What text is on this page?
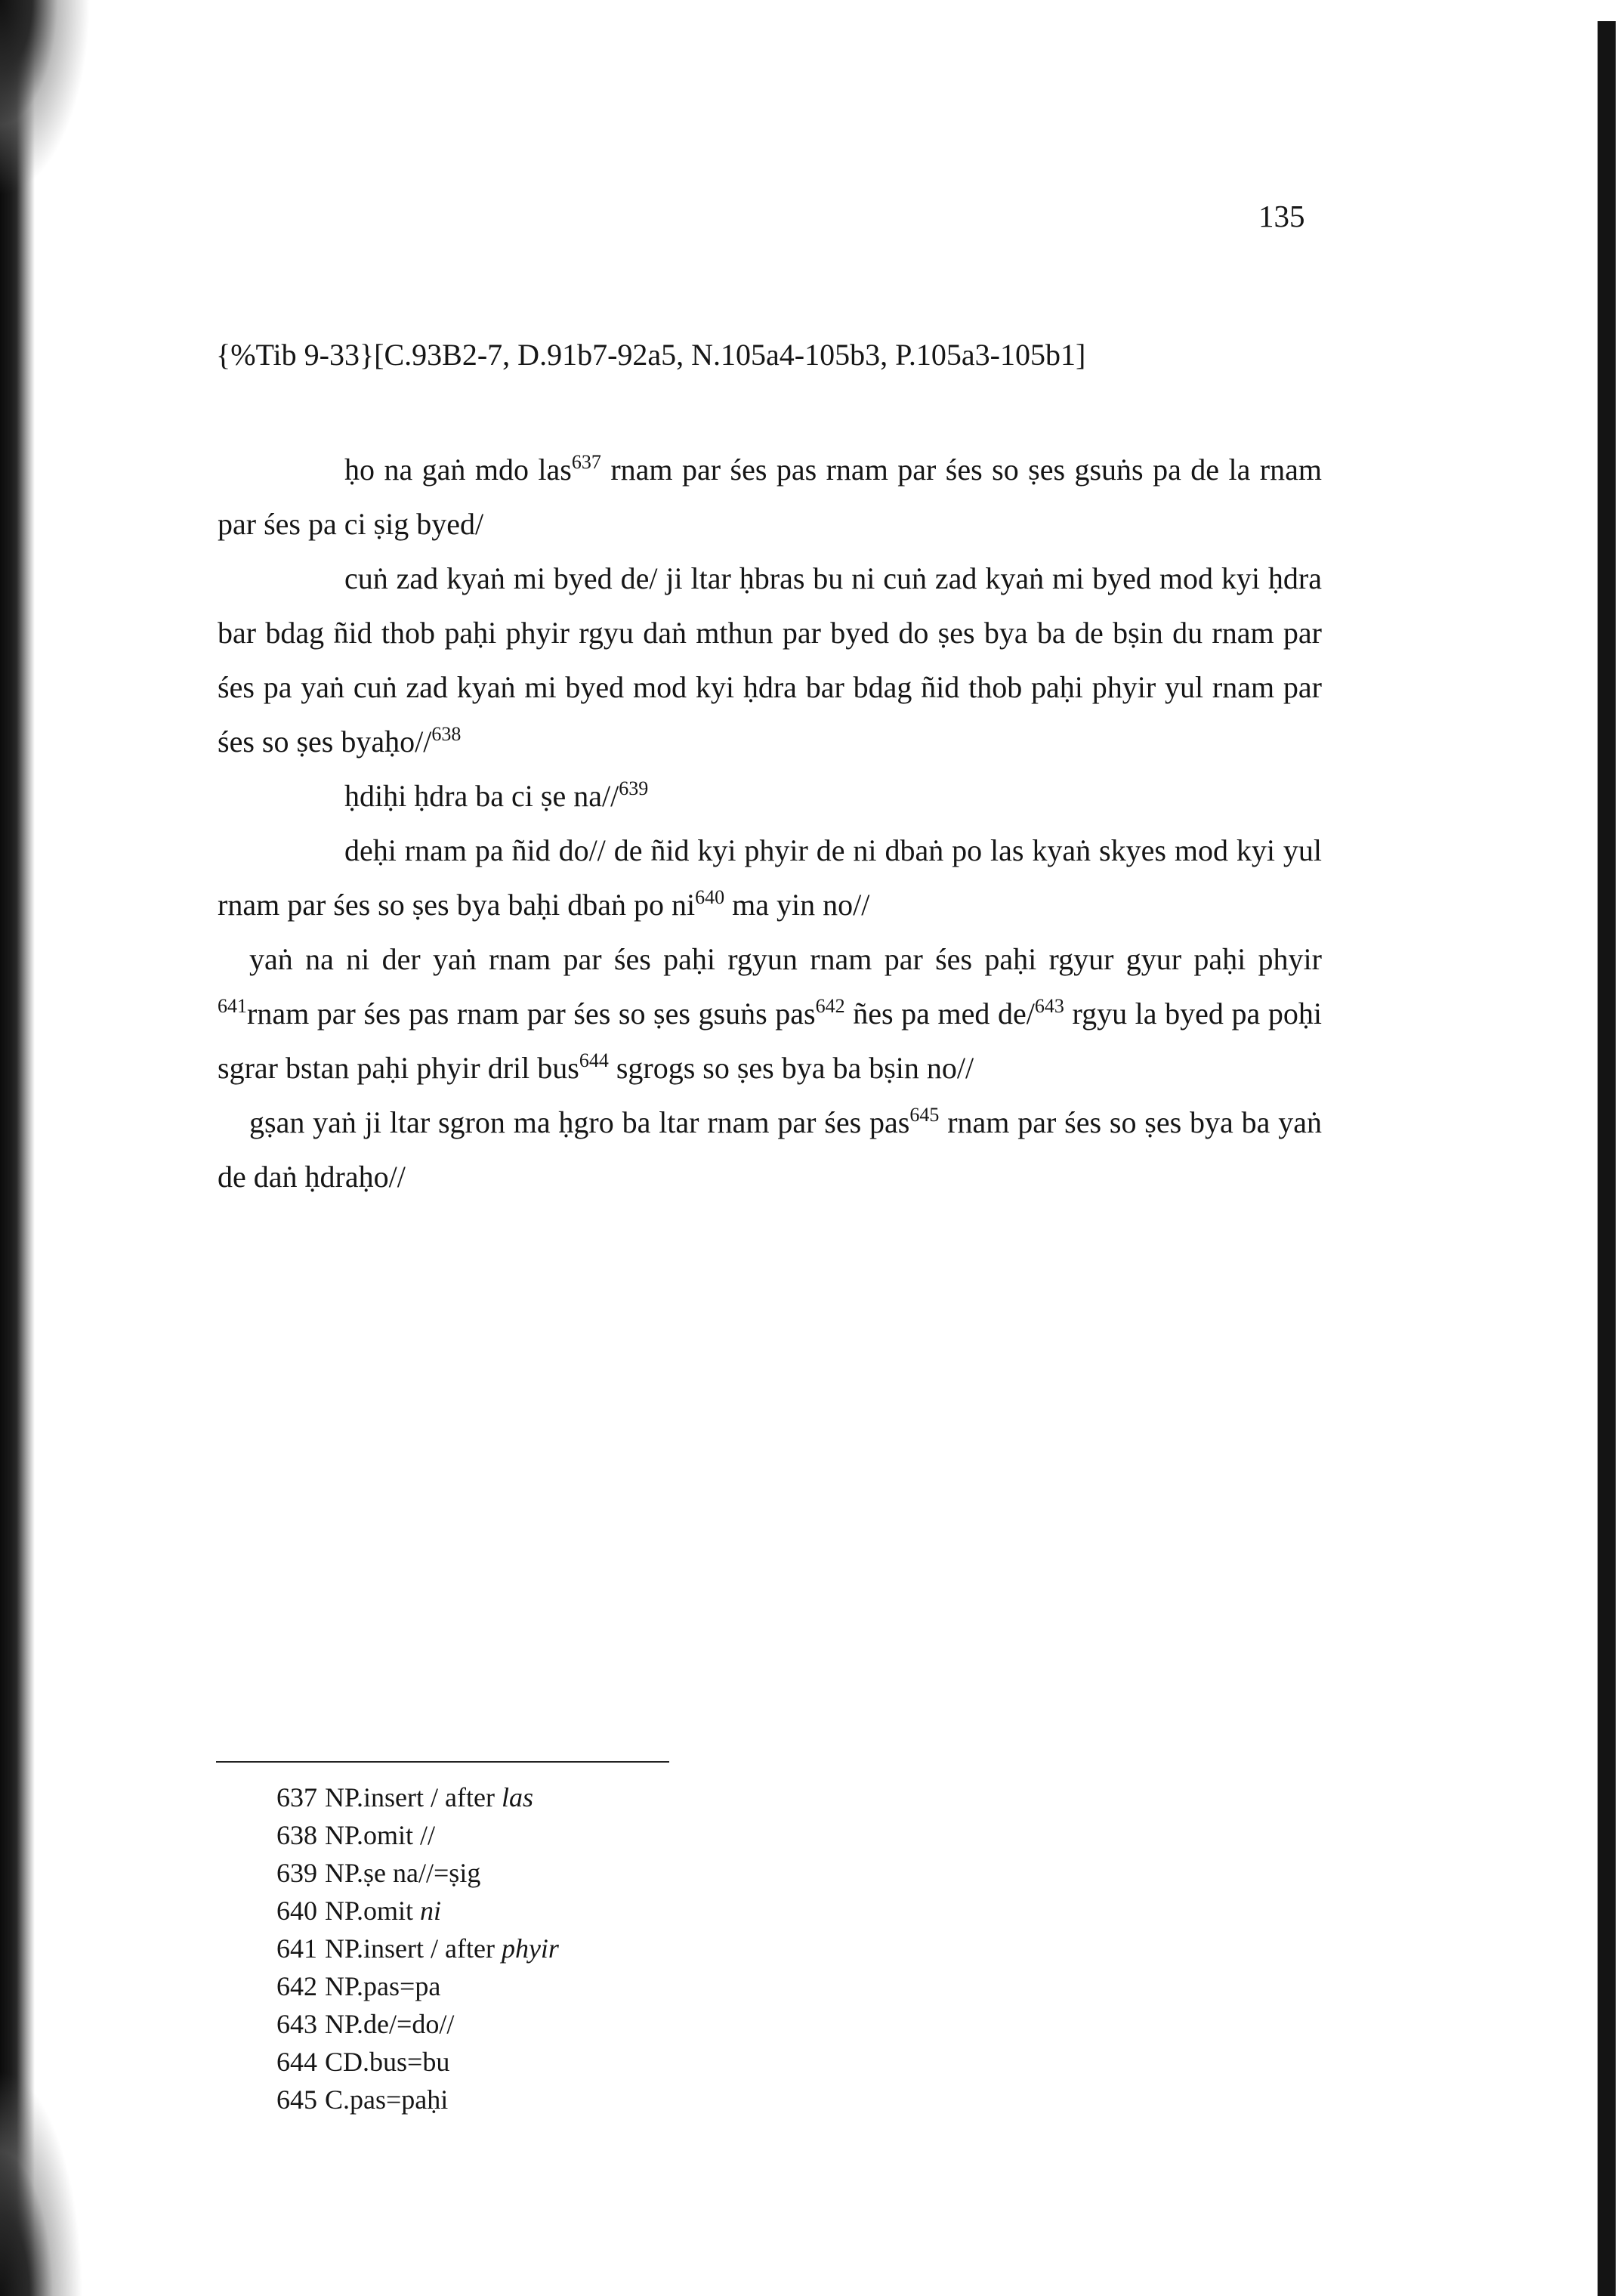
135
{%Tib 9-33}[C.93B2-7, D.91b7-92a5, N.105a4-105b3, P.105a3-105b1]

ḥo na gaṅ mdo las$^{637}$ rnam par śes pas rnam par śes so ṣes gsuṅs pa de la rnam par śes pa ci ṣig byed/

cuṅ zad kyaṅ mi byed de/ ji ltar ḥbras bu ni cuṅ zad kyaṅ mi byed mod kyi ḥdra bar bdag ñid thob paḥi phyir rgyu daṅ mthun par byed do ṣes bya ba de bṣin du rnam par śes pa yaṅ cuṅ zad kyaṅ mi byed mod kyi ḥdra bar bdag ñid thob paḥi phyir yul rnam par śes so ṣes byaḥo//$^{638}$

ḥdiḥi ḥdra ba ci ṣe na//$^{639}$

deḥi rnam pa ñid do// de ñid kyi phyir de ni dbaṅ po las kyaṅ skyes mod kyi yul rnam par śes so ṣes bya baḥi dbaṅ po $ni^{640}$ ma yin no//

yaṅ na ni der yaṅ rnam par śes paḥi rgyun rnam par śes paḥi rgyur gyur paḥi phyir $^{641}$rnam par śes pas rnam par śes so ṣes gsuṅs pas$^{642}$ ñes pa med de/$^{643}$ rgyu la byed pa poḥi sgrar bstan paḥi phyir dril bus$^{644}$ sgrogs so ṣes bya ba bṣin no//

gṣan yaṅ ji ltar sgron ma ḥgro ba ltar rnam par śes pas$^{645}$ rnam par śes so ṣes bya ba yaṅ de daṅ ḥdraḥo//

637 NP.insert / after las
638 NP.omit //
639 NP.ṣe na//=ṣig
640 NP.omit ni
641 NP.insert / after phyir
642 NP.pas=pa
643 NP.de/=do//
644 CD.bus=bu
645 C.pas=paḥi
